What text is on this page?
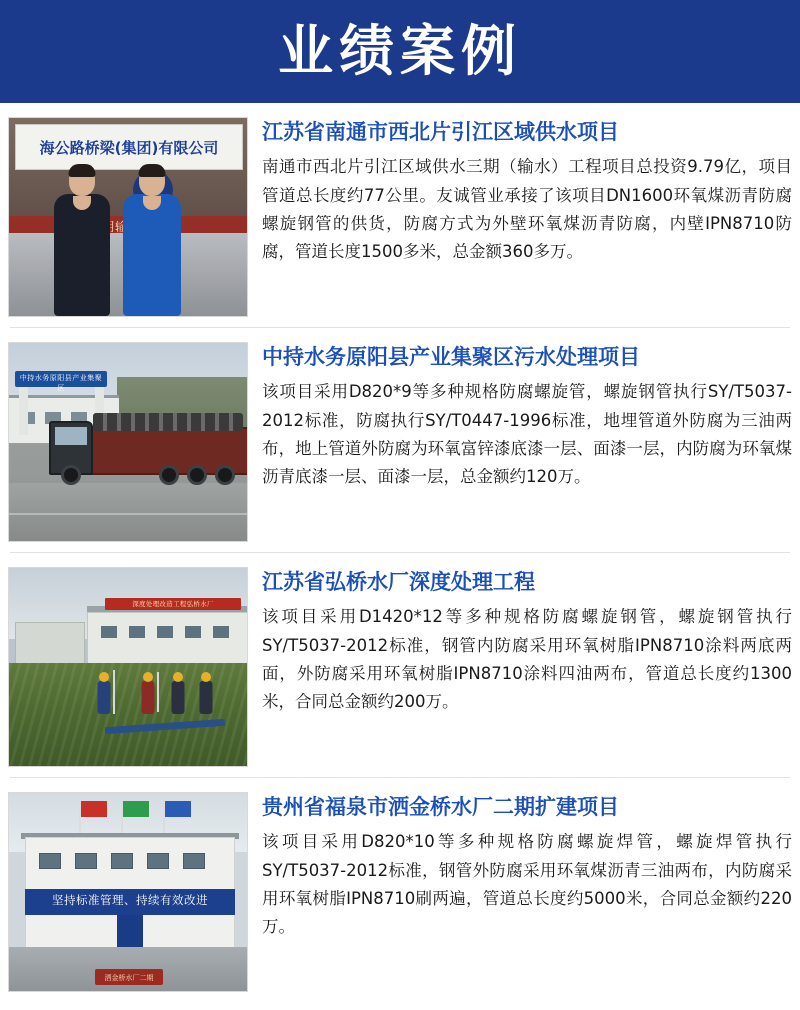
业绩案例
海公路桥梁(集团)有限公司
江苏省南通市西北片引江区域供水项目

南通市西北片引江区域供水三期（输水）工程项目总投资9.79亿，项目管道总长度约77公里。友诚管业承接了该项目DN1600环氧煤沥青防腐螺旋钢管的供货，防腐方式为外壁环氧煤沥青防腐，内壁IPN8710防腐，管道长度1500多米，总金额360多万。

中持水务原阳县产业集聚区
中持水务原阳县产业集聚区污水处理项目

该项目采用D820*9等多种规格防腐螺旋管，螺旋钢管执行SY/T5037-2012标准，防腐执行SY/T0447-1996标准，地埋管道外防腐为三油两布，地上管道外防腐为环氧富锌漆底漆一层、面漆一层，内防腐为环氧煤沥青底漆一层、面漆一层，总金额约120万。

深度处理改造工程弘桥水厂
江苏省弘桥水厂深度处理工程

该项目采用D1420*12等多种规格防腐螺旋钢管，螺旋钢管执行SY/T5037-2012标准，钢管内防腐采用环氧树脂IPN8710涂料两底两面，外防腐采用环氧树脂IPN8710涂料四油两布，管道总长度约1300米，合同总金额约200万。

坚持标准管理、持续有效改进
洒金桥水厂二期
贵州省福泉市洒金桥水厂二期扩建项目

该项目采用D820*10等多种规格防腐螺旋焊管，螺旋焊管执行SY/T5037-2012标准，钢管外防腐采用环氧煤沥青三油两布，内防腐采用环氧树脂IPN8710刷两遍，管道总长度约5000米，合同总金额约220万。
